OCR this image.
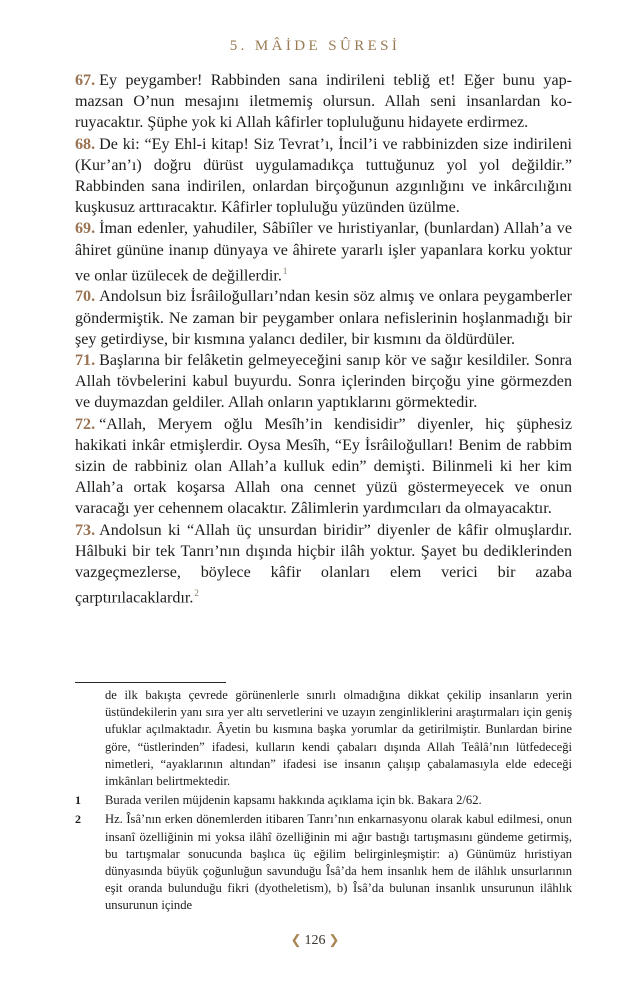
5. MÂİDE SÛRESİ

67. Ey peygamber! Rabbinden sana indirileni tebliğ et! Eğer bunu yapmazsan O’nun mesajını iletmemiş olursun. Allah seni insanlardan koruyacaktır. Şüphe yok ki Allah kâfirler topluluğunu hidayete erdirmez.

68. De ki: “Ey Ehl-i kitap! Siz Tevrat’ı, İncil’i ve rabbinizden size indirileni (Kur’an’ı) doğru dürüst uygulamadıkça tuttuğunuz yol yol değildir.” Rabbinden sana indirilen, onlardan birçoğunun azgınlığını ve inkârcılığını kuşkusuz arttıracaktır. Kâfirler topluluğu yüzünden üzülme.

69. İman edenler, yahudiler, Sâbiîler ve hıristiyanlar, (bunlardan) Allah’a ve âhiret gününe inanıp dünyaya ve âhirete yararlı işler yapanlara korku yoktur ve onlar üzülecek de değillerdir.$^1$

70. Andolsun biz İsrâiloğulları’ndan kesin söz almış ve onlara peygamberler göndermiştik. Ne zaman bir peygamber onlara nefislerinin hoşlanmadığı bir şey getirdiyse, bir kısmına yalancı dediler, bir kısmını da öldürdüler.

71. Başlarına bir felâketin gelmeyeceğini sanıp kör ve sağır kesildiler. Sonra Allah tövbelerini kabul buyurdu. Sonra içlerinden birçoğu yine görmezden ve duymazdan geldiler. Allah onların yaptıklarını görmektedir.

72. “Allah, Meryem oğlu Mesîh’in kendisidir” diyenler, hiç şüphesiz hakikati inkâr etmişlerdir. Oysa Mesîh, “Ey İsrâiloğulları! Benim de rabbim sizin de rabbiniz olan Allah’a kulluk edin” demişti. Bilinmeli ki her kim Allah’a ortak koşarsa Allah ona cennet yüzü göstermeyecek ve onun varacağı yer cehennem olacaktır. Zâlimlerin yardımcıları da olmayacaktır.

73. Andolsun ki “Allah üç unsurdan biridir” diyenler de kâfir olmuşlardır. Hâlbuki bir tek Tanrı’nın dışında hiçbir ilâh yoktur. Şayet bu dediklerinden vazgeçmezlerse, böylece kâfir olanları elem verici bir azaba çarptırılacaklardır.$^2$

de ilk bakışta çevrede görünenlerle sınırlı olmadığına dikkat çekilip insanların yerin üstündekilerin yanı sıra yer altı servetlerini ve uzayın zenginliklerini araştırmaları için geniş ufuklar açılmaktadır. Âyetin bu kısmına başka yorumlar da getirilmiştir. Bunlardan birine göre, “üstlerinden” ifadesi, kulların kendi çabaları dışında Allah Teâlâ’nın lütfedeceği nimetleri, “ayaklarının altından” ifadesi ise insanın çalışıp çabalamasıyla elde edeceği imkânları belirtmektedir.

1	Burada verilen müjdenin kapsamı hakkında açıklama için bk. Bakara 2/62.

2	Hz. Îsâ’nın erken dönemlerden itibaren Tanrı’nın enkarnasyonu olarak kabul edilmesi, onun insanî özelliğinin mi yoksa ilâhî özelliğinin mi ağır bastığı tartışmasını gündeme getirmiş, bu tartışmalar sonucunda başlıca üç eğilim belirginleşmiştir: a) Günümüz hıristiyan dünyasında büyük çoğunluğun savunduğu Îsâ’da hem insanlık hem de ilâhlık unsurlarının eşit oranda bulunduğu fikri (dyotheletism), b) Îsâ’da bulunan insanlık unsurunun ilâhlık unsurunun içinde

❮ 126 ❯
